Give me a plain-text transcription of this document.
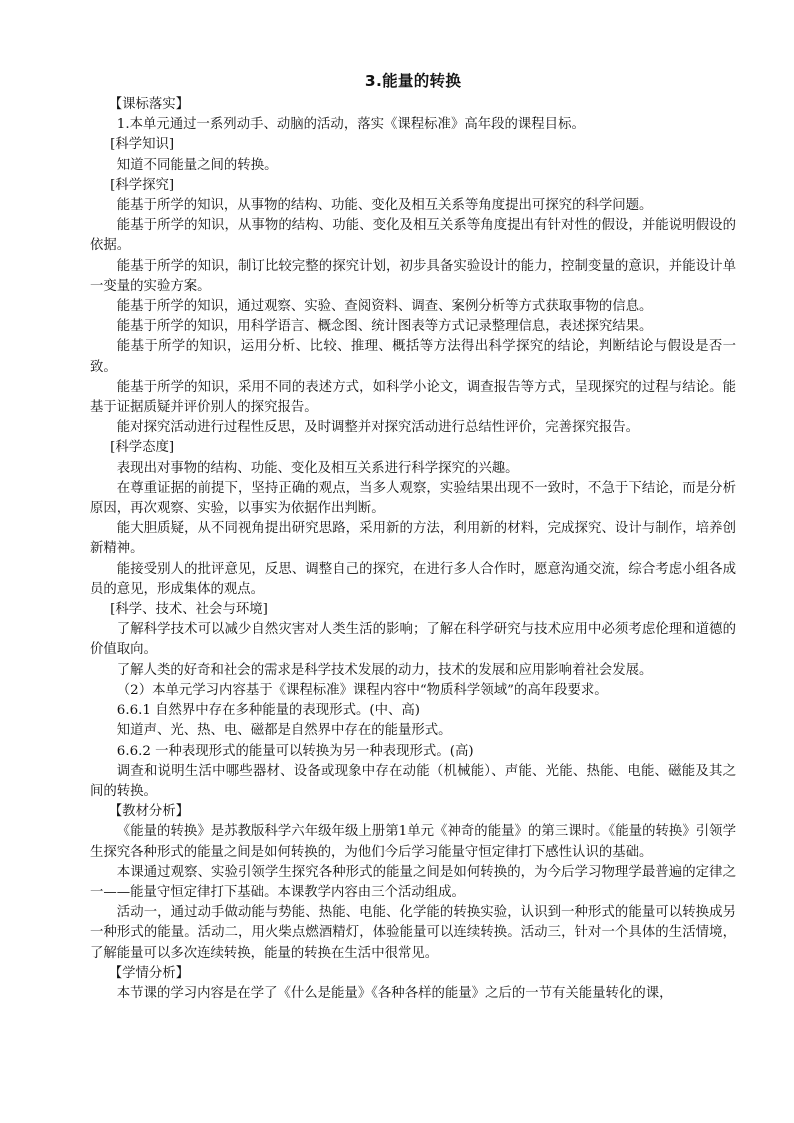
3.能量的转换

【课标落实】

1.本单元通过一系列动手、动脑的活动，落实《课程标准》高年段的课程目标。

[科学知识]

知道不同能量之间的转换。

[科学探究]

能基于所学的知识，从事物的结构、功能、变化及相互关系等角度提出可探究的科学问题。

能基于所学的知识，从事物的结构、功能、变化及相互关系等角度提出有针对性的假设，并能说明假设的依据。

能基于所学的知识，制订比较完整的探究计划，初步具备实验设计的能力，控制变量的意识，并能设计单一变量的实验方案。

能基于所学的知识，通过观察、实验、查阅资料、调查、案例分析等方式获取事物的信息。

能基于所学的知识，用科学语言、概念图、统计图表等方式记录整理信息，表述探究结果。

能基于所学的知识，运用分析、比较、推理、概括等方法得出科学探究的结论，判断结论与假设是否一致。

能基于所学的知识，采用不同的表述方式，如科学小论文，调查报告等方式，呈现探究的过程与结论。能基于证据质疑并评价别人的探究报告。

能对探究活动进行过程性反思，及时调整并对探究活动进行总结性评价，完善探究报告。

[科学态度]

表现出对事物的结构、功能、变化及相互关系进行科学探究的兴趣。

在尊重证据的前提下，坚持正确的观点，当多人观察，实验结果出现不一致时，不急于下结论，而是分析原因，再次观察、实验，以事实为依据作出判断。

能大胆质疑，从不同视角提出研究思路，采用新的方法，利用新的材料，完成探究、设计与制作，培养创新精神。

能接受别人的批评意见，反思、调整自己的探究，在进行多人合作时，愿意沟通交流，综合考虑小组各成员的意见，形成集体的观点。

[科学、技术、社会与环境]

了解科学技术可以减少自然灾害对人类生活的影响；了解在科学研究与技术应用中必须考虑伦理和道德的价值取向。

了解人类的好奇和社会的需求是科学技术发展的动力，技术的发展和应用影响着社会发展。

（2）本单元学习内容基于《课程标准》课程内容中“物质科学领域”的高年段要求。

6.6.1 自然界中存在多种能量的表现形式。(中、高)

知道声、光、热、电、磁都是自然界中存在的能量形式。

6.6.2 一种表现形式的能量可以转换为另一种表现形式。(高)

调查和说明生活中哪些器材、设备或现象中存在动能（机械能）、声能、光能、热能、电能、磁能及其之间的转换。

【教材分析】

《能量的转换》是苏教版科学六年级年级上册第1单元《神奇的能量》的第三课时。《能量的转换》引领学生探究各种形式的能量之间是如何转换的，为他们今后学习能量守恒定律打下感性认识的基础。

本课通过观察、实验引领学生探究各种形式的能量之间是如何转换的，为今后学习物理学最普遍的定律之一——能量守恒定律打下基础。本课教学内容由三个活动组成。

活动一，通过动手做动能与势能、热能、电能、化学能的转换实验，认识到一种形式的能量可以转换成另一种形式的能量。活动二，用火柴点燃酒精灯，体验能量可以连续转换。活动三，针对一个具体的生活情境，了解能量可以多次连续转换，能量的转换在生活中很常见。

【学情分析】

本节课的学习内容是在学了《什么是能量》《各种各样的能量》之后的一节有关能量转化的课，
